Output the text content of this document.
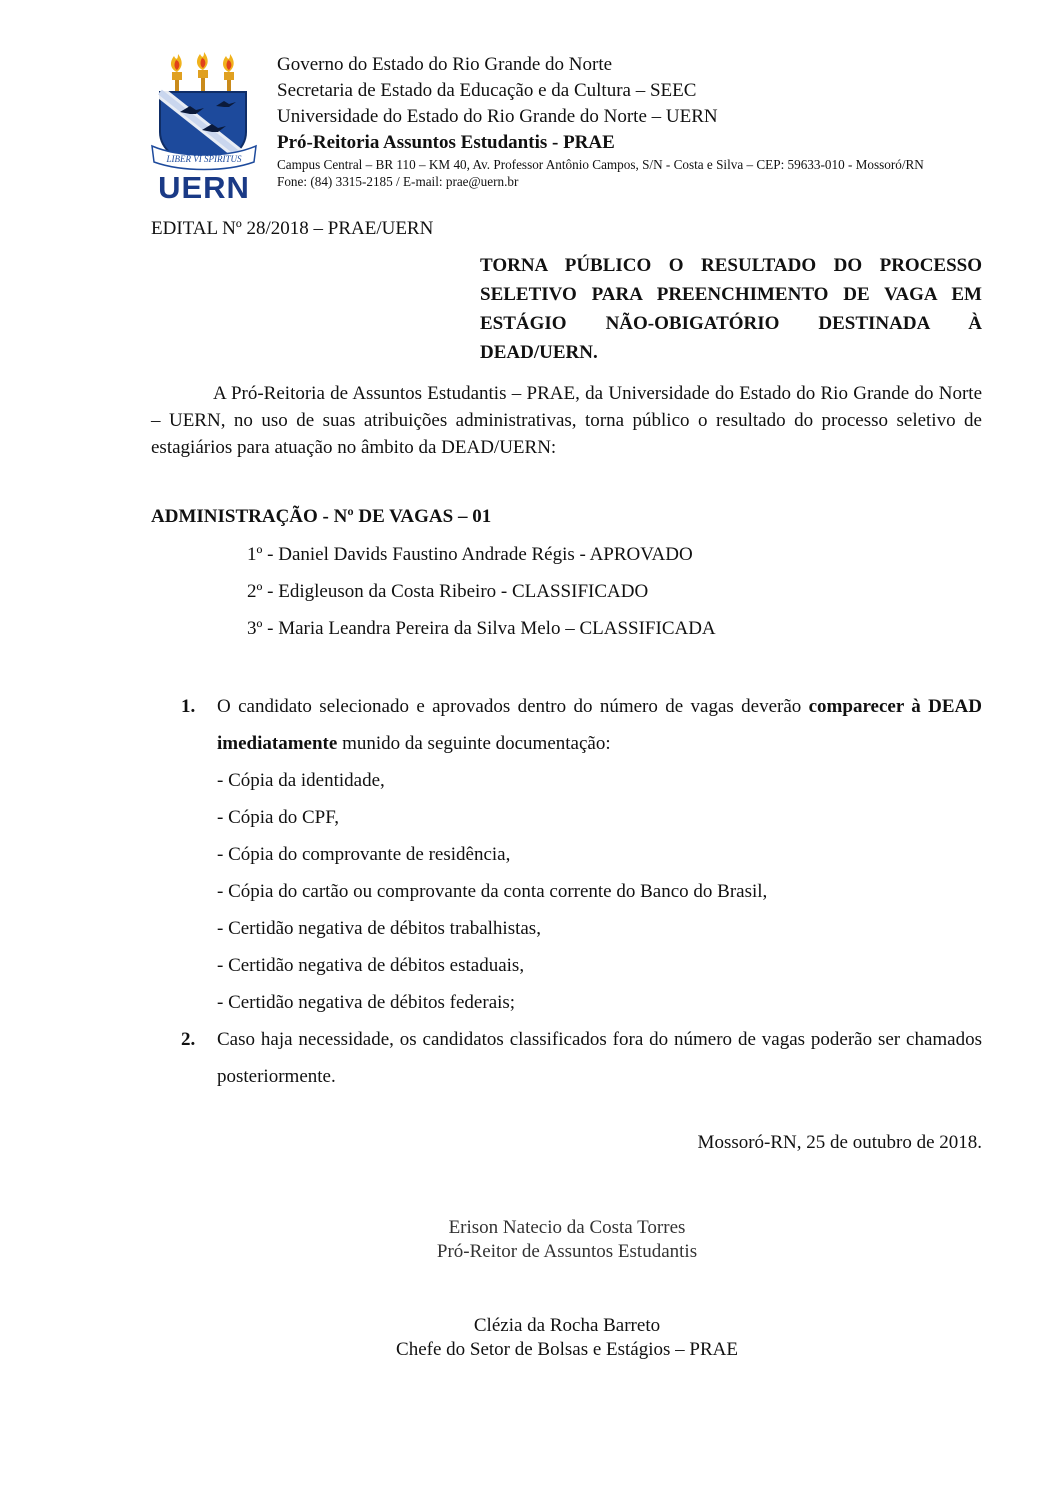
LIBER VI SPIRITUS
UERN
Governo do Estado do Rio Grande do Norte
Secretaria de Estado da Educação e da Cultura – SEEC
Universidade do Estado do Rio Grande do Norte – UERN
Pró-Reitoria Assuntos Estudantis - PRAE
Campus Central – BR 110 – KM 40, Av. Professor Antônio Campos, S/N - Costa e Silva – CEP: 59633-010 - Mossoró/RN
Fone: (84) 3315-2185 / E-mail: prae@uern.br
EDITAL Nº 28/2018 – PRAE/UERN
TORNA PÚBLICO O RESULTADO DO PROCESSO SELETIVO PARA PREENCHIMENTO DE VAGA EM ESTÁGIO NÃO-OBIGATÓRIO DESTINADA À DEAD/UERN.
A Pró-Reitoria de Assuntos Estudantis – PRAE, da Universidade do Estado do Rio Grande do Norte – UERN, no uso de suas atribuições administrativas, torna público o resultado do processo seletivo de estagiários para atuação no âmbito da DEAD/UERN:
ADMINISTRAÇÃO - Nº DE VAGAS – 01
1º - Daniel Davids Faustino Andrade Régis - APROVADO
2º - Edigleuson da Costa Ribeiro - CLASSIFICADO
3º - Maria Leandra Pereira da Silva Melo – CLASSIFICADA
1. O candidato selecionado e aprovados dentro do número de vagas deverão comparecer à DEAD imediatamente munido da seguinte documentação:
- Cópia da identidade,
- Cópia do CPF,
- Cópia do comprovante de residência,
- Cópia do cartão ou comprovante da conta corrente do Banco do Brasil,
- Certidão negativa de débitos trabalhistas,
- Certidão negativa de débitos estaduais,
- Certidão negativa de débitos federais;
2. Caso haja necessidade, os candidatos classificados fora do número de vagas poderão ser chamados posteriormente.
Mossoró-RN, 25 de outubro de 2018.
Erison Natecio da Costa Torres
Pró-Reitor de Assuntos Estudantis
Clézia da Rocha Barreto
Chefe do Setor de Bolsas e Estágios – PRAE
